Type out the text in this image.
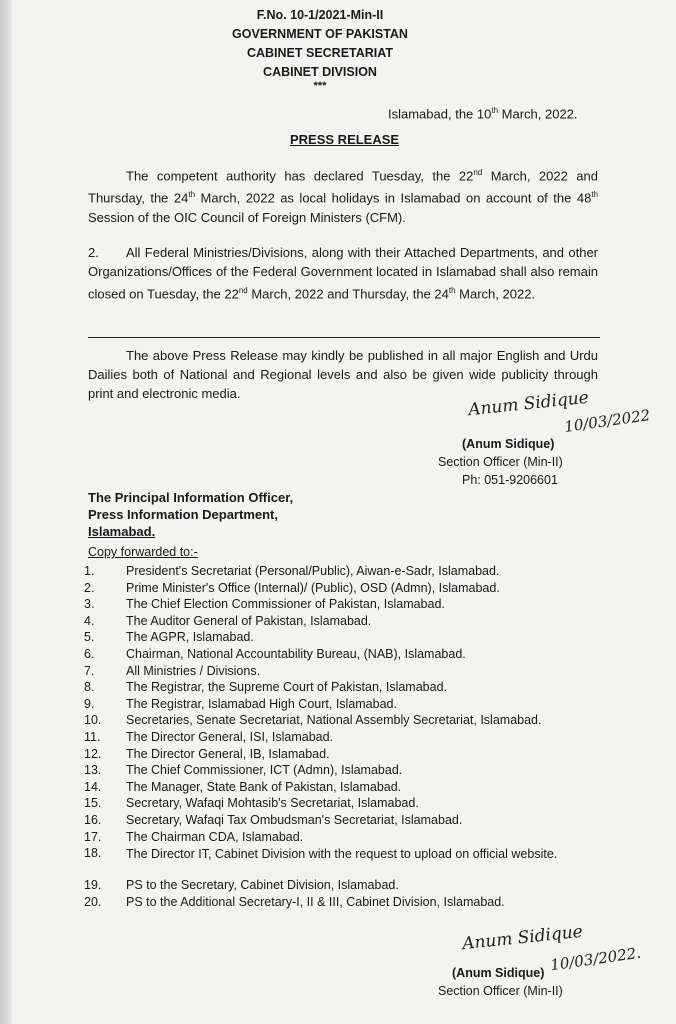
F.No. 10-1/2021-Min-II
GOVERNMENT OF PAKISTAN
CABINET SECRETARIAT
CABINET DIVISION
***
Islamabad, the 10th March, 2022.
PRESS RELEASE
The competent authority has declared Tuesday, the 22nd March, 2022 and Thursday, the 24th March, 2022 as local holidays in Islamabad on account of the 48th Session of the OIC Council of Foreign Ministers (CFM).
2. All Federal Ministries/Divisions, along with their Attached Departments, and other Organizations/Offices of the Federal Government located in Islamabad shall also remain closed on Tuesday, the 22nd March, 2022 and Thursday, the 24th March, 2022.
The above Press Release may kindly be published in all major English and Urdu Dailies both of National and Regional levels and also be given wide publicity through print and electronic media.	Anum Sidique
10/03/2022
(Anum Sidique)
Section Officer (Min-II)
Ph: 051-9206601
The Principal Information Officer,
Press Information Department,
Islamabad.
Copy forwarded to:-
1.	President's Secretariat (Personal/Public), Aiwan-e-Sadr, Islamabad.
2.	Prime Minister's Office (Internal)/ (Public), OSD (Admn), Islamabad.
3.	The Chief Election Commissioner of Pakistan, Islamabad.
4.	The Auditor General of Pakistan, Islamabad.
5.	The AGPR, Islamabad.
6.	Chairman, National Accountability Bureau, (NAB), Islamabad.
7.	All Ministries / Divisions.
8.	The Registrar, the Supreme Court of Pakistan, Islamabad.
9.	The Registrar, Islamabad High Court, Islamabad.
10.	Secretaries, Senate Secretariat, National Assembly Secretariat, Islamabad.
11.	The Director General, ISI, Islamabad.
12.	The Director General, IB, Islamabad.
13.	The Chief Commissioner, ICT (Admn), Islamabad.
14.	The Manager, State Bank of Pakistan, Islamabad.
15.	Secretary, Wafaqi Mohtasib's Secretariat, Islamabad.
16.	Secretary, Wafaqi Tax Ombudsman's Secretariat, Islamabad.
17.	The Chairman CDA, Islamabad.
18.	The Director IT, Cabinet Division with the request to upload on official website.
19.	PS to the Secretary, Cabinet Division, Islamabad.
20.	PS to the Additional Secretary-I, II & III, Cabinet Division, Islamabad.
Anum Sidique
10/03/2022.
(Anum Sidique)
Section Officer (Min-II)
